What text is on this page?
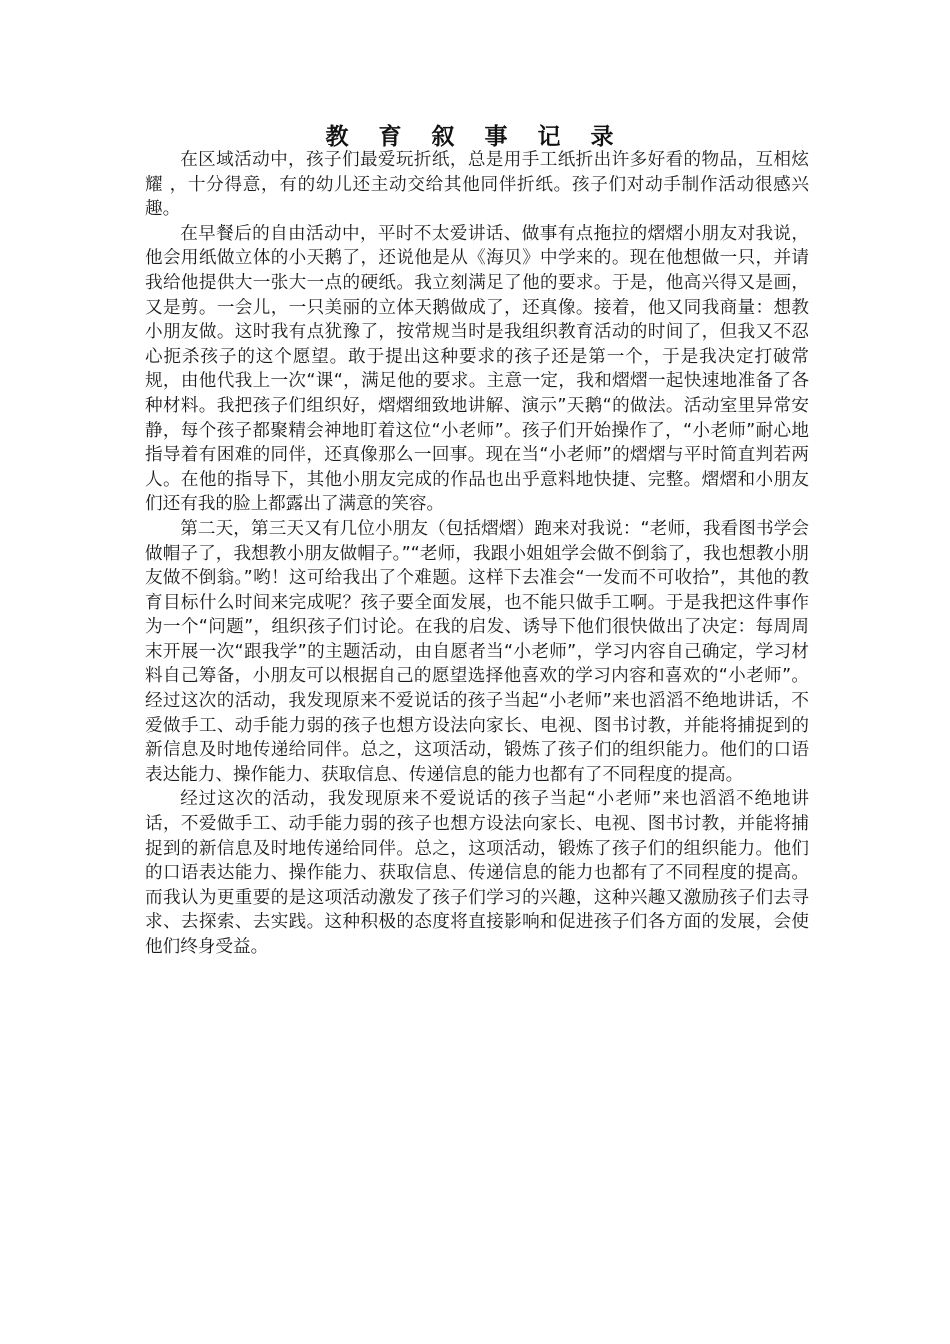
教 育 叙 事 记 录

在区域活动中，孩子们最爱玩折纸，总是用手工纸折出许多好看的物品，互相炫耀 ，十分得意，有的幼儿还主动交给其他同伴折纸。孩子们对动手制作活动很感兴趣。

在早餐后的自由活动中，平时不太爱讲话、做事有点拖拉的熠熠小朋友对我说，他会用纸做立体的小天鹅了，还说他是从《海贝》中学来的。现在他想做一只，并请我给他提供大一张大一点的硬纸。我立刻满足了他的要求。于是，他高兴得又是画，又是剪。一会儿，一只美丽的立体天鹅做成了，还真像。接着，他又同我商量：想教小朋友做。这时我有点犹豫了，按常规当时是我组织教育活动的时间了，但我又不忍心扼杀孩子的这个愿望。敢于提出这种要求的孩子还是第一个，于是我决定打破常规，由他代我上一次“课“，满足他的要求。主意一定，我和熠熠一起快速地准备了各种材料。我把孩子们组织好，熠熠细致地讲解、演示”天鹅“的做法。活动室里异常安静，每个孩子都聚精会神地盯着这位“小老师”。孩子们开始操作了，“小老师”耐心地指导着有困难的同伴，还真像那么一回事。现在当“小老师”的熠熠与平时简直判若两人。在他的指导下，其他小朋友完成的作品也出乎意料地快捷、完整。熠熠和小朋友们还有我的脸上都露出了满意的笑容。

第二天，第三天又有几位小朋友（包括熠熠）跑来对我说：“老师，我看图书学会做帽子了，我想教小朋友做帽子。”“老师，我跟小姐姐学会做不倒翁了，我也想教小朋友做不倒翁。”哟！这可给我出了个难题。这样下去准会“一发而不可收拾”，其他的教育目标什么时间来完成呢？孩子要全面发展，也不能只做手工啊。于是我把这件事作为一个“问题”，组织孩子们讨论。在我的启发、诱导下他们很快做出了决定：每周周末开展一次“跟我学”的主题活动，由自愿者当“小老师”，学习内容自己确定，学习材料自己筹备，小朋友可以根据自己的愿望选择他喜欢的学习内容和喜欢的“小老师”。 经过这次的活动，我发现原来不爱说话的孩子当起“小老师”来也滔滔不绝地讲话，不爱做手工、动手能力弱的孩子也想方设法向家长、电视、图书讨教，并能将捕捉到的新信息及时地传递给同伴。总之，这项活动，锻炼了孩子们的组织能力。他们的口语表达能力、操作能力、获取信息、传递信息的能力也都有了不同程度的提高。

经过这次的活动，我发现原来不爱说话的孩子当起“小老师”来也滔滔不绝地讲话，不爱做手工、动手能力弱的孩子也想方设法向家长、电视、图书讨教，并能将捕捉到的新信息及时地传递给同伴。总之，这项活动，锻炼了孩子们的组织能力。他们的口语表达能力、操作能力、获取信息、传递信息的能力也都有了不同程度的提高。而我认为更重要的是这项活动激发了孩子们学习的兴趣，这种兴趣又激励孩子们去寻求、去探索、去实践。这种积极的态度将直接影响和促进孩子们各方面的发展，会使他们终身受益。
